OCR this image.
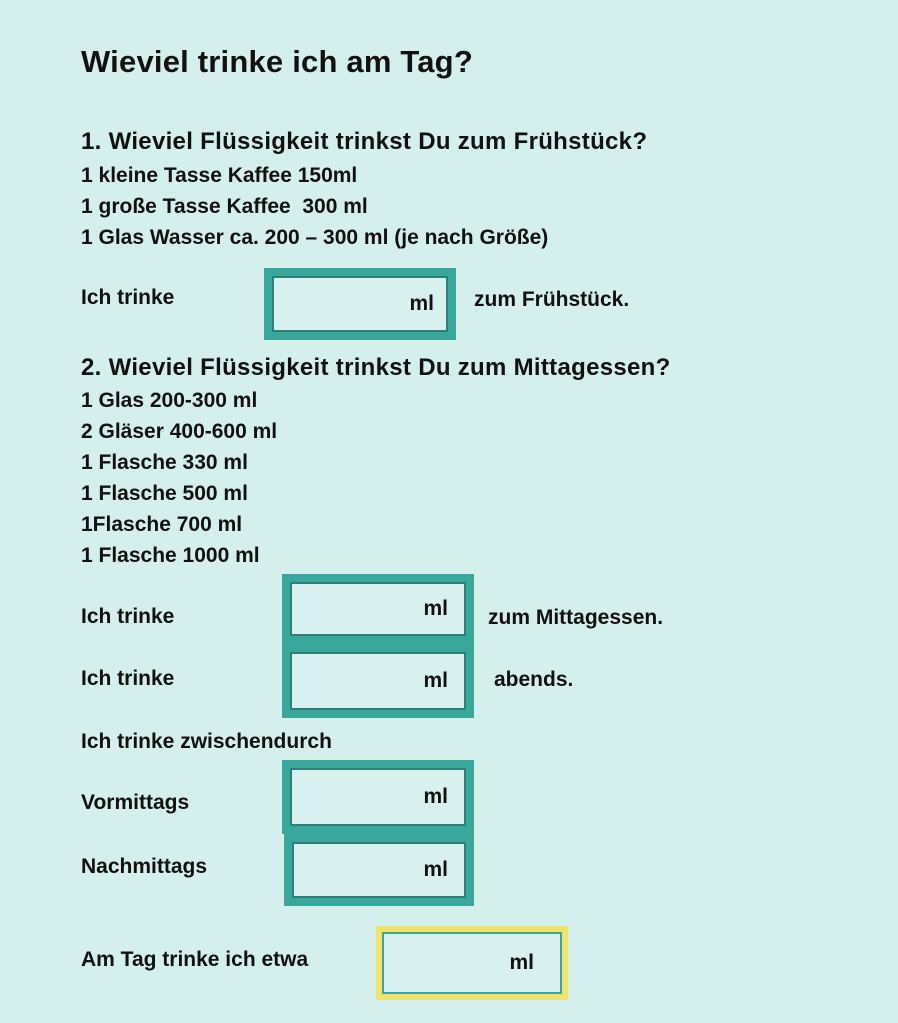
Wieviel trinke ich am Tag?
1. Wieviel Flüssigkeit trinkst Du zum Frühstück?
1 kleine Tasse Kaffee 150ml
1 große Tasse Kaffee  300 ml
1 Glas Wasser ca. 200 – 300 ml (je nach Größe)
Ich trinke	ml zum Frühstück.
2. Wieviel Flüssigkeit trinkst Du zum Mittagessen?
1 Glas 200-300 ml
2 Gläser 400-600 ml
1 Flasche 330 ml
1 Flasche 500 ml
1Flasche 700 ml
1 Flasche 1000 ml
Ich trinke	ml zum Mittagessen.
Ich trinke	ml abends.
Ich trinke zwischendurch
Vormittags	ml
Nachmittags	ml
Am Tag trinke ich etwa	ml
